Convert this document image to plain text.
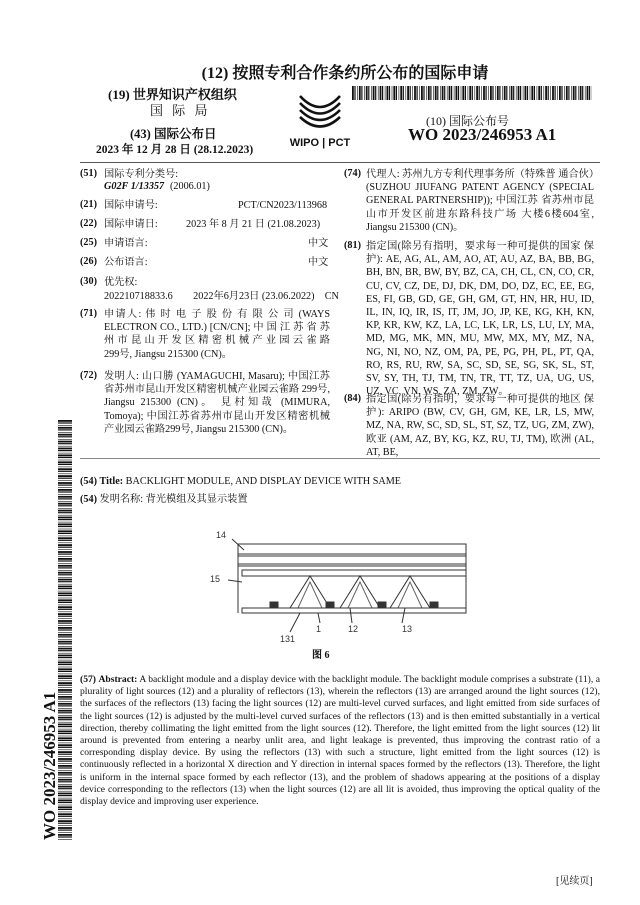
(12) 按照专利合作条约所公布的国际申请
(19) 世界知识产权组织
国 际 局
(43) 国际公布日
2023 年 12 月 28 日 (28.12.2023)
WIPO | PCT
(10) 国际公布号
WO 2023/246953 A1
(51) 国际专利分类号:
G02F 1/13357 (2006.01)
(21) 国际申请号:	PCT/CN2023/113968
(22) 国际申请日:	2023 年 8 月 21 日 (21.08.2023)
(25) 申请语言:	中文
(26) 公布语言:	中文
(30) 优先权:
202210718833.6　　2022年6月23日 (23.06.2022)　CN
(71) 申请人: 伟 时 电 子 股 份 有 限 公 司 (WAYS ELECTRON CO., LTD.) [CN/CN]; 中 国 江 苏 省 苏 州 市 昆 山 开 发 区 精 密 机 械 产 业 园 云 雀 路 299号, Jiangsu 215300 (CN)。
(72) 发明人: 山口勝 (YAMAGUCHI, Masaru); 中国江苏 省苏州市昆山开发区精密机械产业园云雀路 299号, Jiangsu 215300 (CN)。 見村知哉 (MIMURA, Tomoya); 中国江苏省苏州市昆山开发区精密机械 产业园云雀路299号, Jiangsu 215300 (CN)。
(74) 代理人: 苏州九方专利代理事务所（特殊普 通合伙）(SUZHOU JIUFANG PATENT AGENCY (SPECIAL GENERAL PARTNERSHIP)); 中国江苏 省苏州市昆山市开发区前进东路科技广场 大楼6楼604室, Jiangsu 215300 (CN)。
(81) 指定国(除另有指明，要求每一种可提供的国家 保护): AE, AG, AL, AM, AO, AT, AU, AZ, BA, BB, BG, BH, BN, BR, BW, BY, BZ, CA, CH, CL, CN, CO, CR, CU, CV, CZ, DE, DJ, DK, DM, DO, DZ, EC, EE, EG, ES, FI, GB, GD, GE, GH, GM, GT, HN, HR, HU, ID, IL, IN, IQ, IR, IS, IT, JM, JO, JP, KE, KG, KH, KN, KP, KR, KW, KZ, LA, LC, LK, LR, LS, LU, LY, MA, MD, MG, MK, MN, MU, MW, MX, MY, MZ, NA, NG, NI, NO, NZ, OM, PA, PE, PG, PH, PL, PT, QA, RO, RS, RU, RW, SA, SC, SD, SE, SG, SK, SL, ST, SV, SY, TH, TJ, TM, TN, TR, TT, TZ, UA, UG, US, UZ, VC, VN, WS, ZA, ZM, ZW。
(84) 指定国(除另有指明，要求每一种可提供的地区 保护): ARIPO (BW, CV, GH, GM, KE, LR, LS, MW, MZ, NA, RW, SC, SD, SL, ST, SZ, TZ, UG, ZM, ZW), 欧亚 (AM, AZ, BY, KG, KZ, RU, TJ, TM), 欧洲 (AL, AT, BE,
(54) Title: BACKLIGHT MODULE, AND DISPLAY DEVICE WITH SAME
(54) 发明名称: 背光模组及其显示装置
14
15
1	12	13
131
图 6
(57) Abstract: A backlight module and a display device with the backlight module. The backlight module comprises a substrate (11), a plurality of light sources (12) and a plurality of reflectors (13), wherein the reflectors (13) are arranged around the light sources (12), the surfaces of the reflectors (13) facing the light sources (12) are multi-level curved surfaces, and light emitted from side surfaces of the light sources (12) is adjusted by the multi-level curved surfaces of the reflectors (13) and is then emitted substantially in a vertical direction, thereby collimating the light emitted from the light sources (12). Therefore, the light emitted from the light sources (12) lit around is prevented from entering a nearby unlit area, and light leakage is prevented, thus improving the contrast ratio of a corresponding display device. By using the reflectors (13) with such a structure, light emitted from the light sources (12) is continuously reflected in a horizontal X direction and Y direction in internal spaces formed by the reflectors (13). Therefore, the light is uniform in the internal space formed by each reflector (13), and the problem of shadows appearing at the positions of a display device corresponding to the reflectors (13) when the light sources (12) are all lit is avoided, thus improving the optical quality of the display device and improving user experience.
WO 2023/246953 A1
[见续页]
